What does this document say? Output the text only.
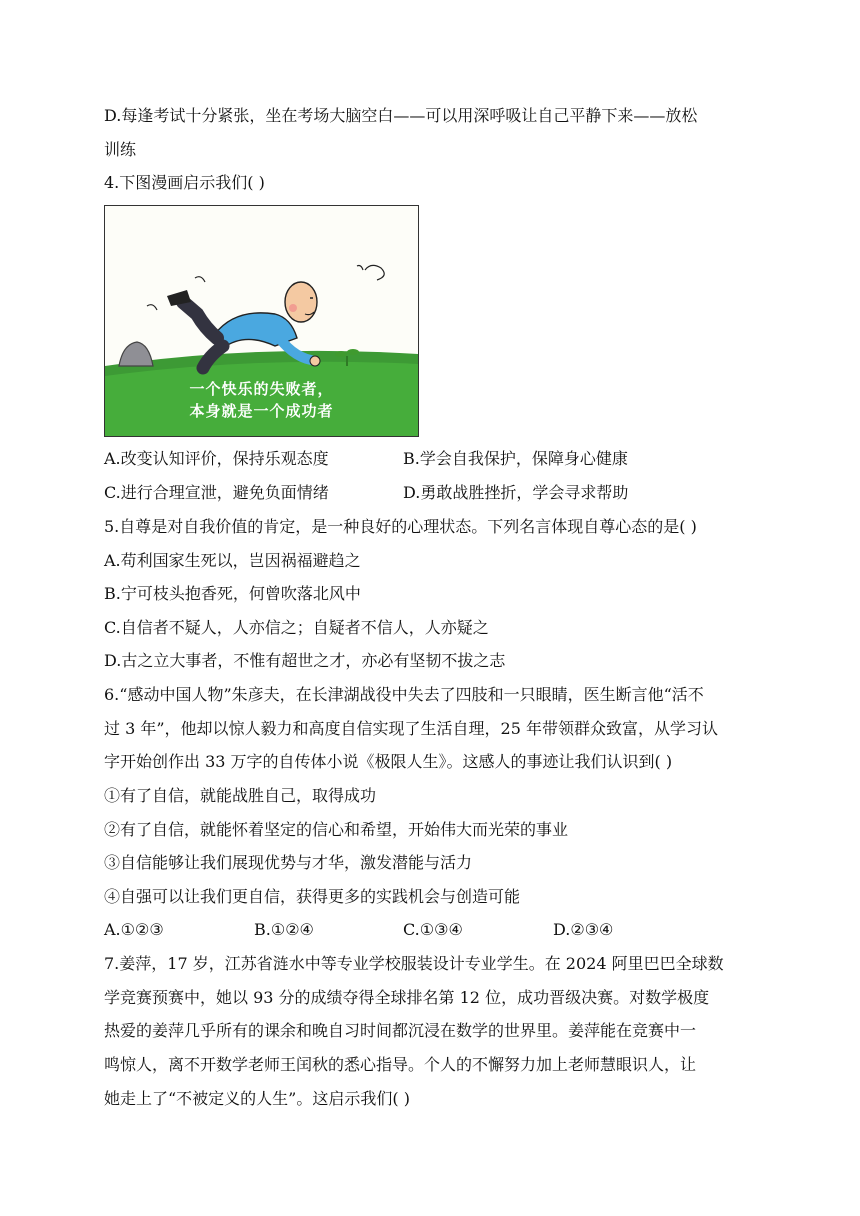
D.每逢考试十分紧张，坐在考场大脑空白——可以用深呼吸让自己平静下来——放松
训练
4.下图漫画启示我们( )
一个快乐的失败者，
本身就是一个成功者
A.改变认知评价，保持乐观态度	B.学会自我保护，保障身心健康
C.进行合理宣泄，避免负面情绪	D.勇敢战胜挫折，学会寻求帮助
5.自尊是对自我价值的肯定，是一种良好的心理状态。下列名言体现自尊心态的是( )
A.苟利国家生死以，岂因祸福避趋之
B.宁可枝头抱香死，何曾吹落北风中
C.自信者不疑人，人亦信之；自疑者不信人，人亦疑之
D.古之立大事者，不惟有超世之才，亦必有坚韧不拔之志
6.“感动中国人物”朱彦夫，在长津湖战役中失去了四肢和一只眼睛，医生断言他“活不
过 3 年”，他却以惊人毅力和高度自信实现了生活自理，25 年带领群众致富，从学习认
字开始创作出 33 万字的自传体小说《极限人生》。这感人的事迹让我们认识到( )
①有了自信，就能战胜自己，取得成功
②有了自信，就能怀着坚定的信心和希望，开始伟大而光荣的事业
③自信能够让我们展现优势与才华，激发潜能与活力
④自强可以让我们更自信，获得更多的实践机会与创造可能
A.①②③	B.①②④	C.①③④	D.②③④
7.姜萍，17 岁，江苏省涟水中等专业学校服装设计专业学生。在 2024 阿里巴巴全球数
学竞赛预赛中，她以 93 分的成绩夺得全球排名第 12 位，成功晋级决赛。对数学极度
热爱的姜萍几乎所有的课余和晚自习时间都沉浸在数学的世界里。姜萍能在竞赛中一
鸣惊人，离不开数学老师王闰秋的悉心指导。个人的不懈努力加上老师慧眼识人，让
她走上了“不被定义的人生”。这启示我们( )
